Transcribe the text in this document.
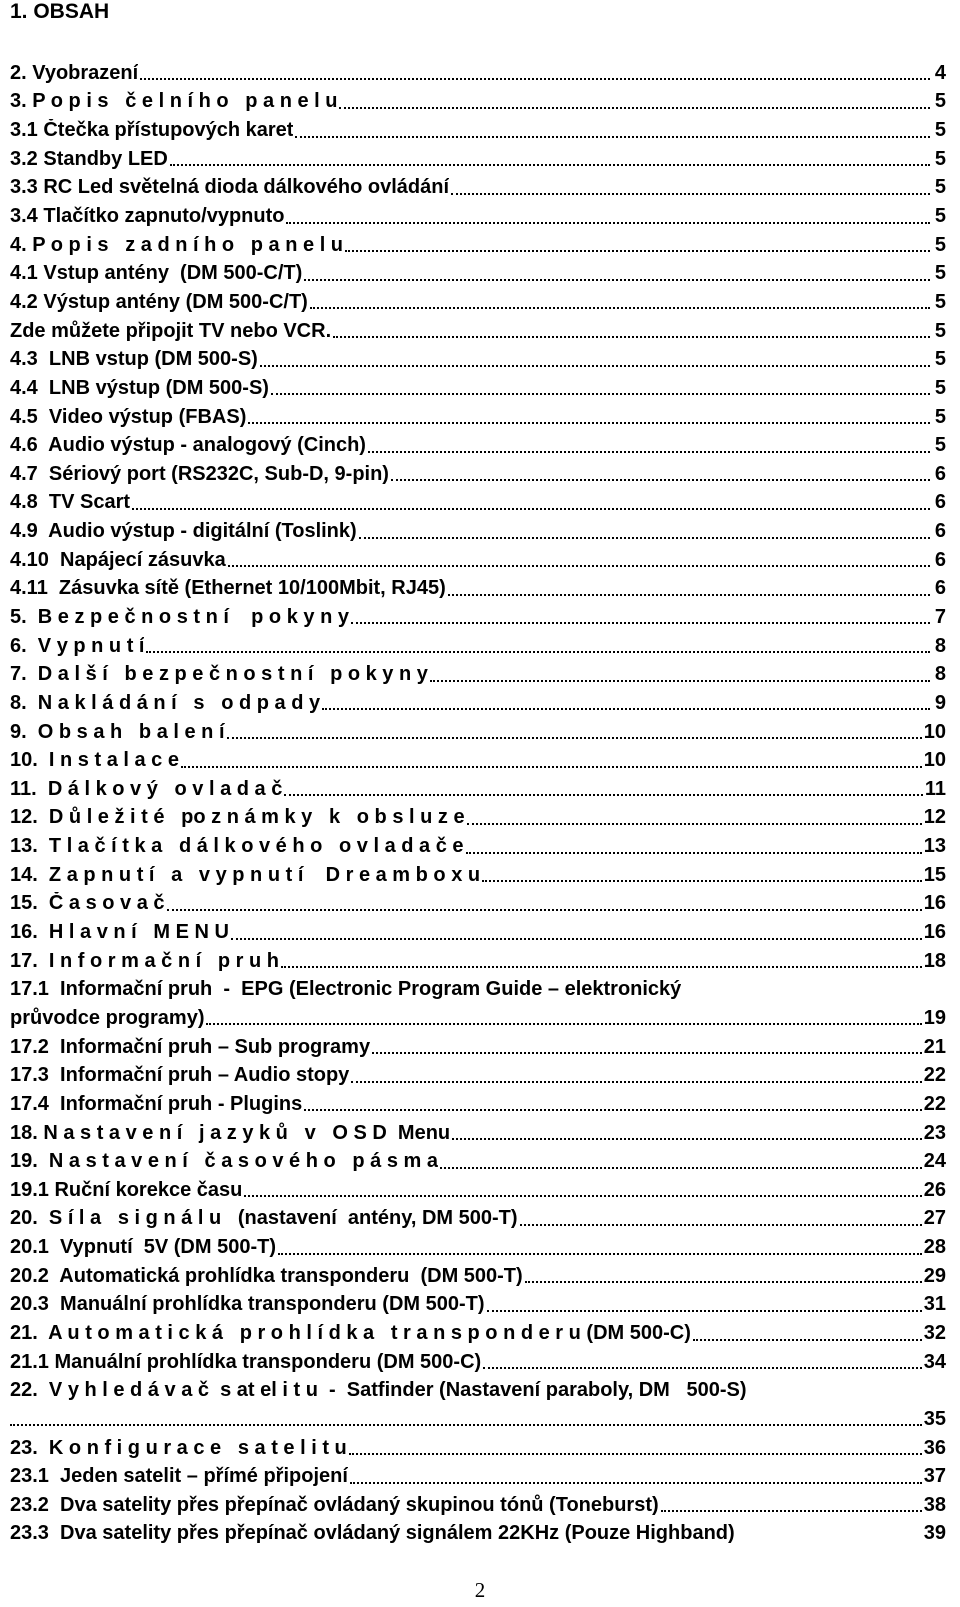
1. OBSAH
2. Vyobrazení	4
3. P o p i s   č e l n í h o   p a n e l u	5
3.1 Čtečka přístupových karet	5
3.2 Standby LED	5
3.3 RC Led světelná dioda dálkového ovládání	5
3.4 Tlačítko zapnuto/vypnuto	5
4. P o p i s   z a d n í h o   p a n e l u	5
4.1 Vstup antény  (DM 500-C/T)	5
4.2 Výstup antény (DM 500-C/T)	5
Zde můžete připojit TV nebo VCR.	5
4.3  LNB vstup (DM 500-S)	5
4.4  LNB výstup (DM 500-S)	5
4.5  Video výstup (FBAS)	5
4.6  Audio výstup - analogový (Cinch)	5
4.7  Sériový port (RS232C, Sub-D, 9-pin)	6
4.8  TV Scart	6
4.9  Audio výstup - digitální (Toslink)	6
4.10  Napájecí zásuvka	6
4.11  Zásuvka sítě (Ethernet 10/100Mbit, RJ45)	6
5.  B e z p e č n o s t n í    p o k y n y	7
6.  V y p n u t í	8
7.  D a l š í   b e z p e č n o s t n í   p o k y n y	8
8.  N a k l á d á n í   s   o d p a d y	9
9.  O b s a h   b a l e n í	10
10.  I n s t a l a c e	10
11.  D á l k o v ý   o v l a d a č	11
12.  D ů l e ž i t é   po z n á m k y   k   o b s l u z e	12
13.  T l a č í t k a   d á l k o v é h o   o v l a d a č e	13
14.  Z a p n u t í   a   v y p n u t í    D r e a m b o x u	15
15.  Č a s o v a č	16
16.  H l a v n í   M E N U	16
17.  I n f o r m a č n í   p r u h	18
17.1  Informační pruh  -  EPG (Electronic Program Guide – elektronický
průvodce programy)	19
17.2  Informační pruh – Sub programy	21
17.3  Informační pruh – Audio stopy	22
17.4  Informační pruh - Plugins	22
18. N a s t a v e n í   j a z y k ů   v   O S D  Menu	23
19.  N a s t a v e n í   č a s o v é h o   p á s m a	24
19.1 Ruční korekce času	26
20.  S í l a   s i g n á l u   (nastavení  antény, DM 500-T)	27
20.1  Vypnutí  5V (DM 500-T)	28
20.2  Automatická prohlídka transponderu  (DM 500-T)	29
20.3  Manuální prohlídka transponderu (DM 500-T)	31
21.  A u t o m a t i c k á   p r o h l í d k a   t r a n s p o n d e r u (DM 500-C)	32
21.1 Manuální prohlídka transponderu (DM 500-C)	34
22.  V y h l e d á v a č  s at el i t u  -  Satfinder (Nastavení paraboly, DM   500-S)
35
23.  K o n f i g u r a c e   s a t e l i t u	36
23.1  Jeden satelit – přímé připojení	37
23.2  Dva satelity přes přepínač ovládaný skupinou tónů (Toneburst)	38
23.3  Dva satelity přes přepínač ovládaný signálem 22KHz (Pouze Highband)	39
2
